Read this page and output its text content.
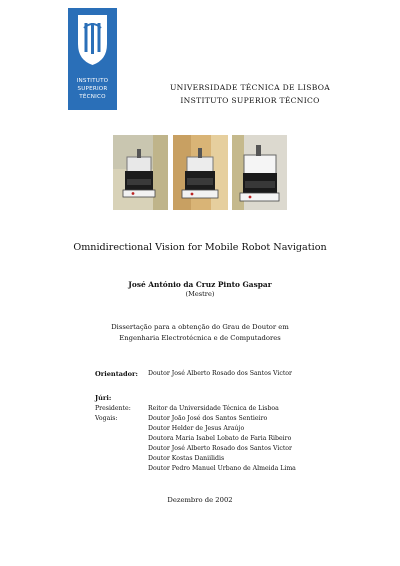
INSTITUTO
SUPERIOR
TÉCNICO
UNIVERSIDADE TÉCNICA DE LISBOA
INSTITUTO SUPERIOR TÉCNICO
Omnidirectional Vision for Mobile Robot Navigation
José António da Cruz Pinto Gaspar
(Mestre)
Dissertação para a obtenção do Grau de Doutor em
Engenharia Electrotécnica e de Computadores
Orientador: Doutor José Alberto Rosado dos Santos Victor
Júri:
Presidente:	Reitor da Universidade Técnica de Lisboa
Vogais:	Doutor João José dos Santos Sentieiro
Doutor Helder de Jesus Araújo
Doutora Maria Isabel Lobato de Faria Ribeiro
Doutor José Alberto Rosado dos Santos Victor
Doutor Kostas Daniilidis
Doutor Pedro Manuel Urbano de Almeida Lima
Dezembro de 2002
